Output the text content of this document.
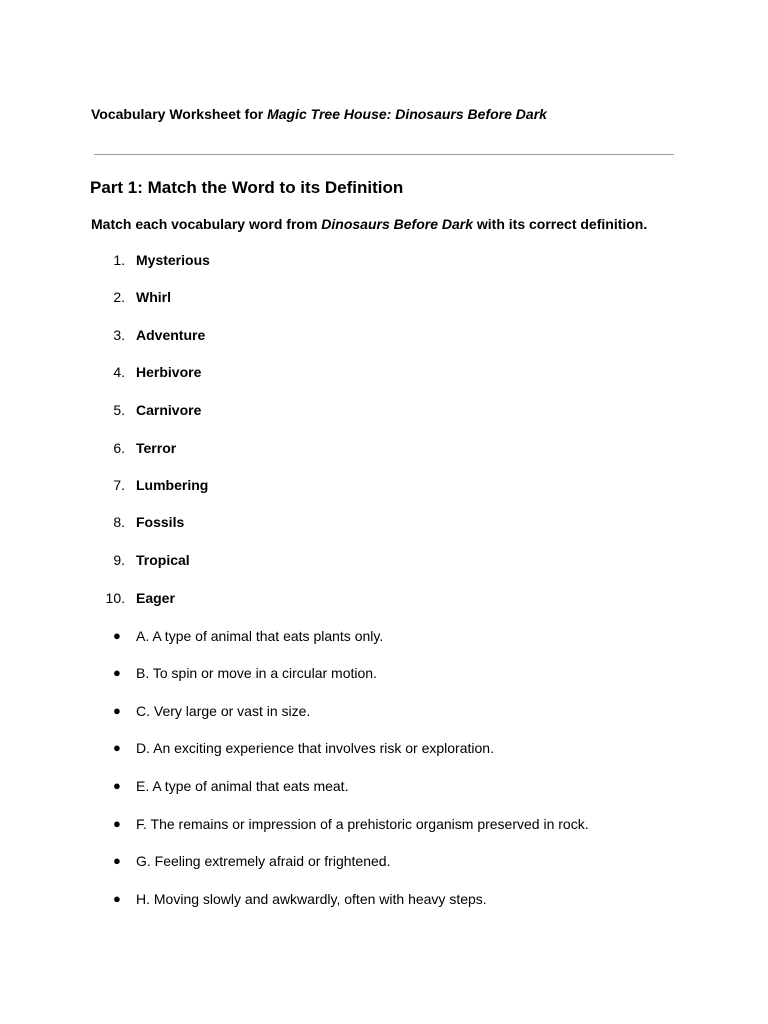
Vocabulary Worksheet for Magic Tree House: Dinosaurs Before Dark
Part 1: Match the Word to its Definition
Match each vocabulary word from Dinosaurs Before Dark with its correct definition.
1. Mysterious
2. Whirl
3. Adventure
4. Herbivore
5. Carnivore
6. Terror
7. Lumbering
8. Fossils
9. Tropical
10. Eager
● A. A type of animal that eats plants only.
● B. To spin or move in a circular motion.
● C. Very large or vast in size.
● D. An exciting experience that involves risk or exploration.
● E. A type of animal that eats meat.
● F. The remains or impression of a prehistoric organism preserved in rock.
● G. Feeling extremely afraid or frightened.
● H. Moving slowly and awkwardly, often with heavy steps.
